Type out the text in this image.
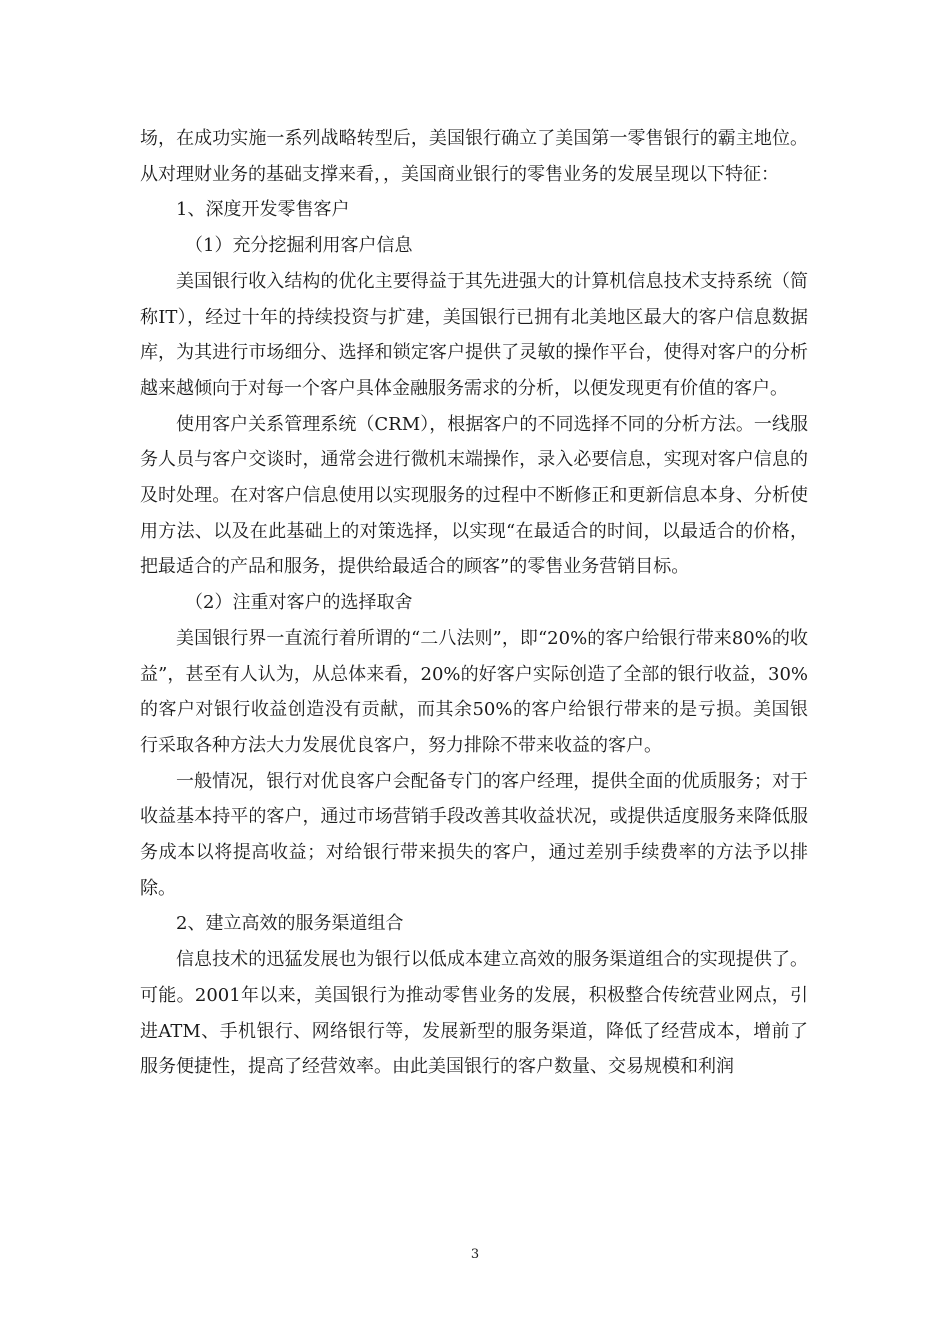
场，在成功实施一系列战略转型后，美国银行确立了美国第一零售银行的霸主地位。从对理财业务的基础支撑来看，，美国商业银行的零售业务的发展呈现以下特征：

1、深度开发零售客户

（1）充分挖掘利用客户信息

美国银行收入结构的优化主要得益于其先进强大的计算机信息技术支持系统（简称IT），经过十年的持续投资与扩建，美国银行已拥有北美地区最大的客户信息数据库，为其进行市场细分、选择和锁定客户提供了灵敏的操作平台，使得对客户的分析越来越倾向于对每一个客户具体金融服务需求的分析，以便发现更有价值的客户。

使用客户关系管理系统（CRM），根据客户的不同选择不同的分析方法。一线服务人员与客户交谈时，通常会进行微机末端操作，录入必要信息，实现对客户信息的及时处理。在对客户信息使用以实现服务的过程中不断修正和更新信息本身、分析使用方法、以及在此基础上的对策选择，以实现“在最适合的时间，以最适合的价格，把最适合的产品和服务，提供给最适合的顾客”的零售业务营销目标。

（2）注重对客户的选择取舍

美国银行界一直流行着所谓的“二八法则”，即“20%的客户给银行带来80%的收益”，甚至有人认为，从总体来看，20%的好客户实际创造了全部的银行收益，30%的客户对银行收益创造没有贡献，而其余50%的客户给银行带来的是亏损。美国银行采取各种方法大力发展优良客户，努力排除不带来收益的客户。

一般情况，银行对优良客户会配备专门的客户经理，提供全面的优质服务；对于收益基本持平的客户，通过市场营销手段改善其收益状况，或提供适度服务来降低服务成本以将提高收益；对给银行带来损失的客户，通过差别手续费率的方法予以排除。

2、建立高效的服务渠道组合

信息技术的迅猛发展也为银行以低成本建立高效的服务渠道组合的实现提供了。可能。2001年以来，美国银行为推动零售业务的发展，积极整合传统营业网点，引进ATM、手机银行、网络银行等，发展新型的服务渠道，降低了经营成本，增前了服务便捷性，提高了经营效率。由此美国银行的客户数量、交易规模和利润

3
